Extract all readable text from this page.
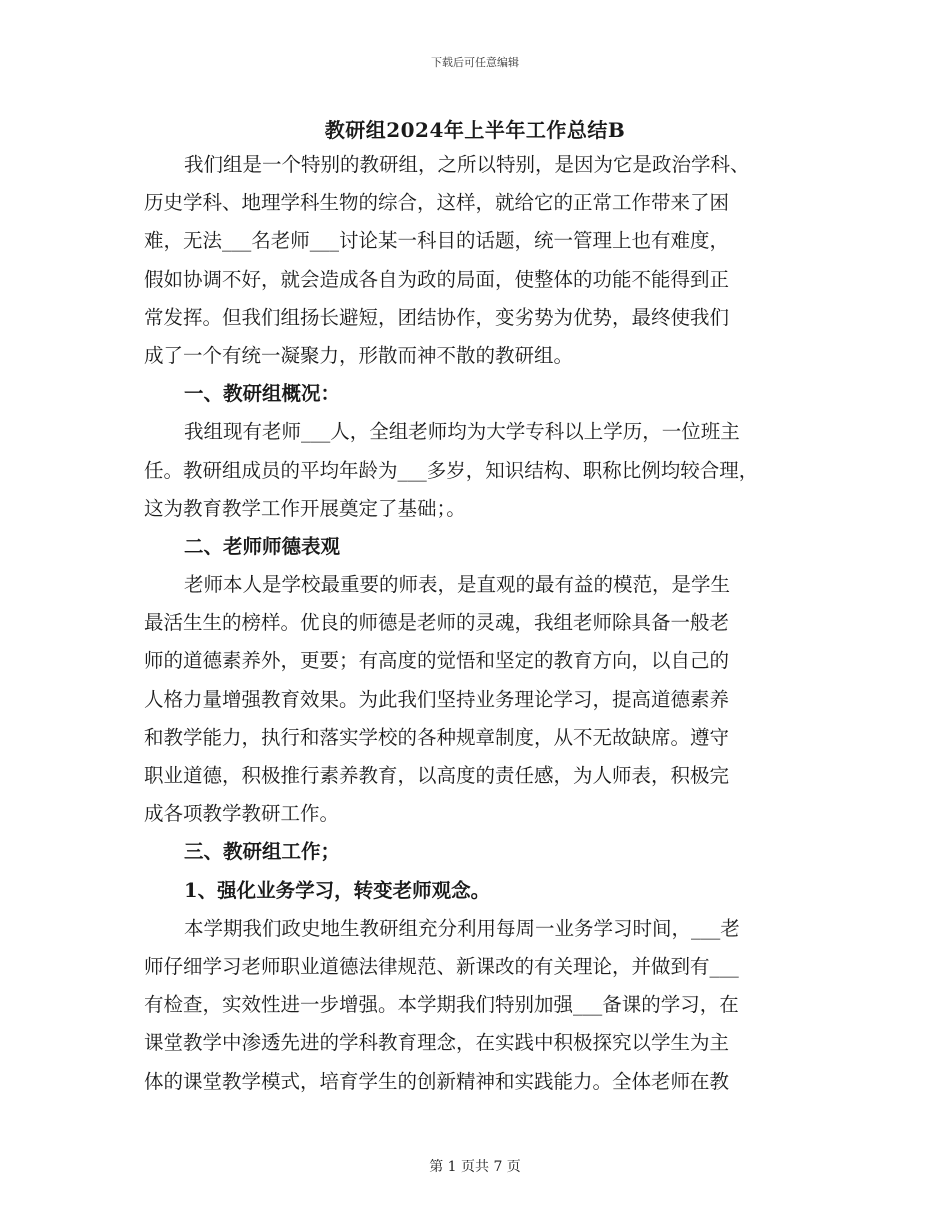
下载后可任意编辑
教研组2024年上半年工作总结B
我们组是一个特别的教研组，之所以特别，是因为它是政治学科、
历史学科、地理学科生物的综合，这样，就给它的正常工作带来了困
难，无法___名老师___讨论某一科目的话题，统一管理上也有难度，
假如协调不好，就会造成各自为政的局面，使整体的功能不能得到正
常发挥。但我们组扬长避短，团结协作，变劣势为优势，最终使我们
成了一个有统一凝聚力，形散而神不散的教研组。
一、教研组概况：
我组现有老师___人，全组老师均为大学专科以上学历，一位班主
任。教研组成员的平均年龄为___多岁，知识结构、职称比例均较合理，
这为教育教学工作开展奠定了基础；。
二、老师师德表观
老师本人是学校最重要的师表，是直观的最有益的模范，是学生
最活生生的榜样。优良的师德是老师的灵魂，我组老师除具备一般老
师的道德素养外，更要；有高度的觉悟和坚定的教育方向，以自己的
人格力量增强教育效果。为此我们坚持业务理论学习，提高道德素养
和教学能力，执行和落实学校的各种规章制度，从不无故缺席。遵守
职业道德，积极推行素养教育，以高度的责任感，为人师表，积极完
成各项教学教研工作。
三、教研组工作；
1、强化业务学习，转变老师观念。
本学期我们政史地生教研组充分利用每周一业务学习时间，___老
师仔细学习老师职业道德法律规范、新课改的有关理论，并做到有___
有检查，实效性进一步增强。本学期我们特别加强___备课的学习，在
课堂教学中渗透先进的学科教育理念，在实践中积极探究以学生为主
体的课堂教学模式，培育学生的创新精神和实践能力。全体老师在教
第 1 页共 7 页
